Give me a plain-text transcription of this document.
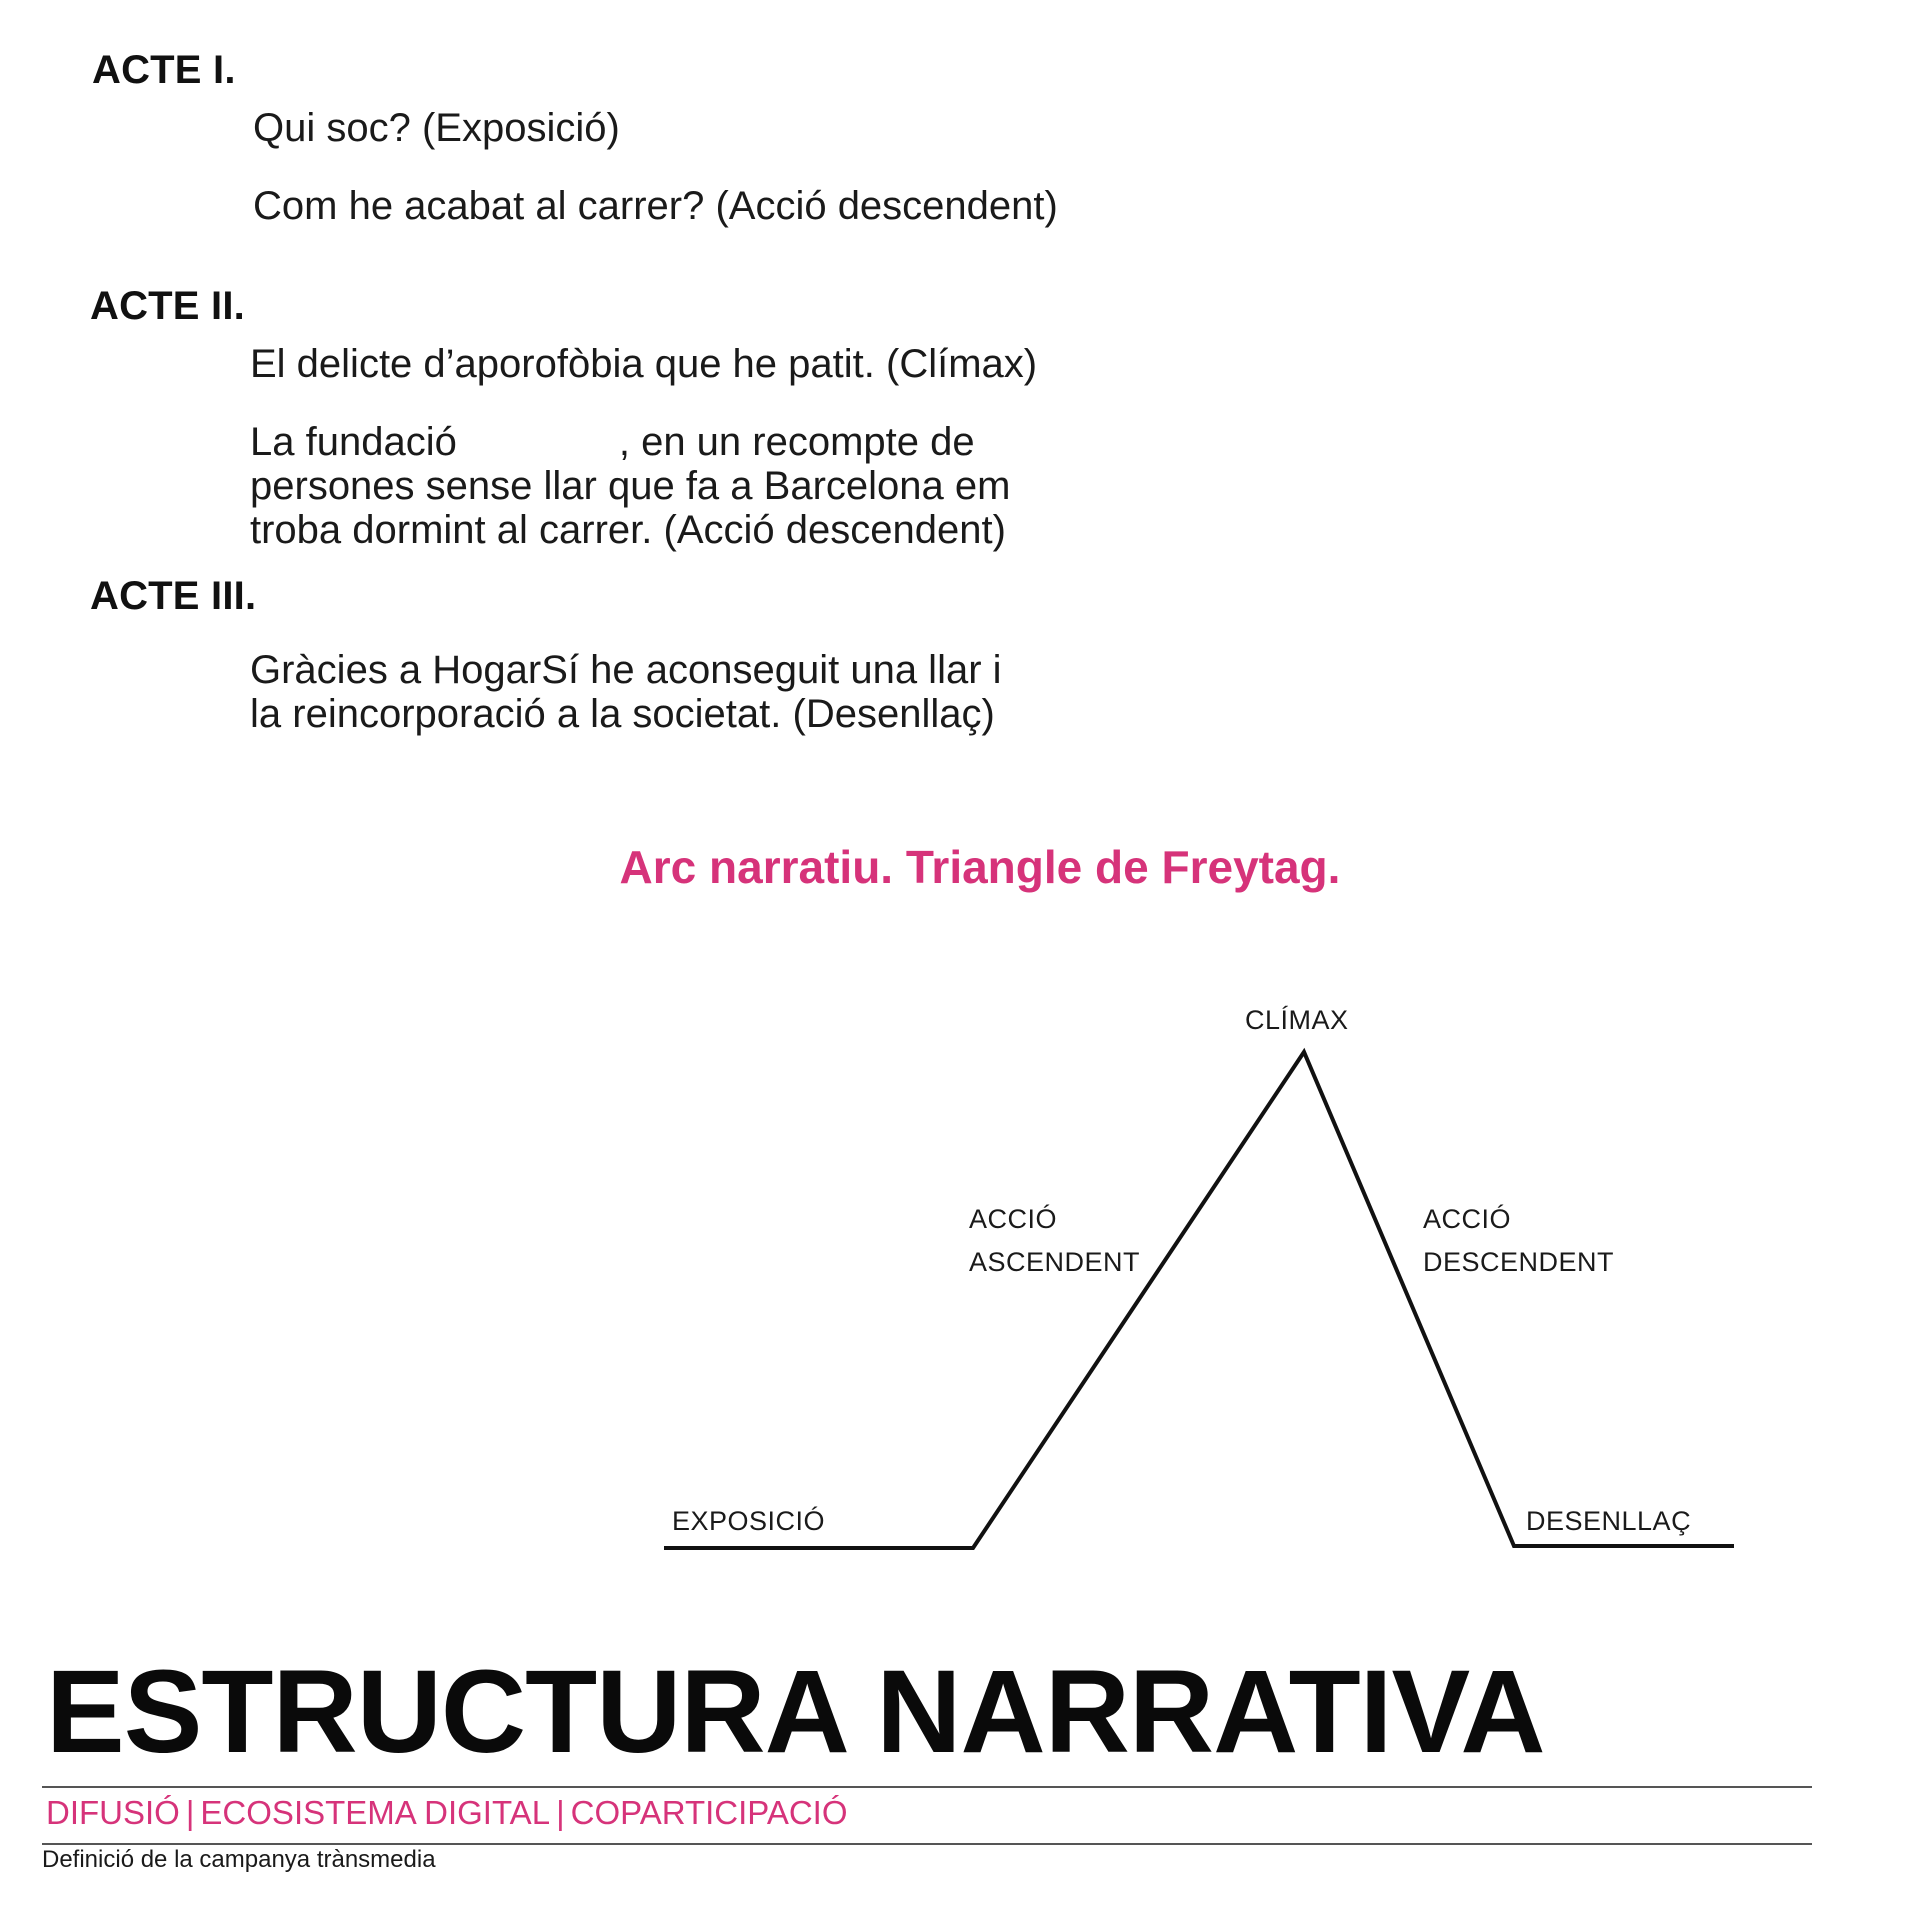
ACTE I.

Qui soc? (Exposició)

Com he acabat al carrer? (Acció descendent)

ACTE II.

El delicte d’aporofòbia que he patit. (Clímax)

La fundació	, en un recompte de

persones sense llar que fa a Barcelona em

troba dormint al carrer. (Acció descendent)

ACTE III.

Gràcies a HogarSí he aconseguit una llar i

la reincorporació a la societat. (Desenllaç)

Arc narratiu. Triangle de Freytag.
CLÍMAX
ACCIÓ
ASCENDENT
ACCIÓ
DESCENDENT
EXPOSICIÓ	DESENLLAÇ
ESTRUCTURA NARRATIVA

DIFUSIÓ | ECOSISTEMA DIGITAL | COPARTICIPACIÓ

Definició de la campanya trànsmedia
